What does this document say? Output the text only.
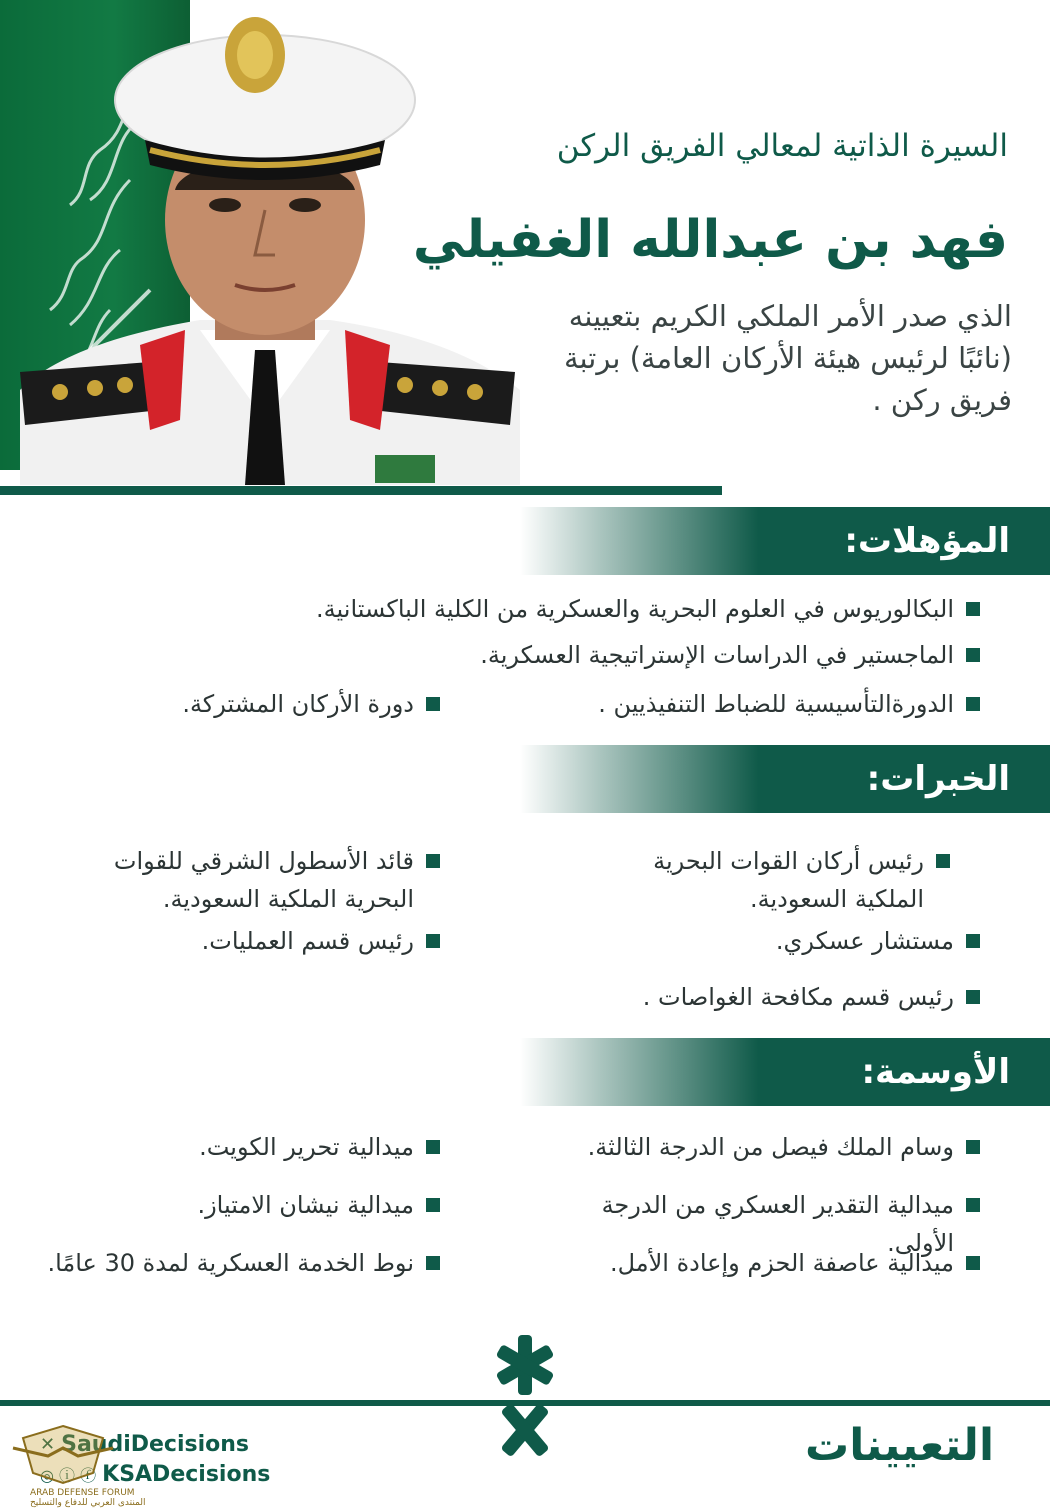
السيرة الذاتية لمعالي الفريق الركن
فهد بن عبدالله الغفيلي
الذي صدر الأمر الملكي الكريم بتعيينه (نائبًا لرئيس هيئة الأركان العامة) برتبة فريق ركن .
المؤهلات:
البكالوريوس في العلوم البحرية والعسكرية من الكلية الباكستانية.
الماجستير في الدراسات الإستراتيجية العسكرية.
الدورةالتأسيسية للضباط التنفيذيين .
دورة الأركان المشتركة.
الخبرات:
رئيس أركان القوات البحرية الملكية السعودية.
قائد الأسطول الشرقي للقوات البحرية الملكية السعودية.
مستشار عسكري.
رئيس قسم العمليات.
رئيس قسم مكافحة الغواصات .
الأوسمة:
وسام الملك فيصل من الدرجة الثالثة.
ميدالية تحرير الكويت.
ميدالية التقدير العسكري من الدرجة الأولى.
ميدالية نيشان الامتياز.
ميدالية عاصفة الحزم وإعادة الأمل.
نوط الخدمة العسكرية لمدة 30 عامًا.
التعيينات
✕ SaudiDecisions
◎ ⓘ ⓕ KSADecisions
ARAB DEFENSE FORUM
المنتدى العربي للدفاع والتسليح
